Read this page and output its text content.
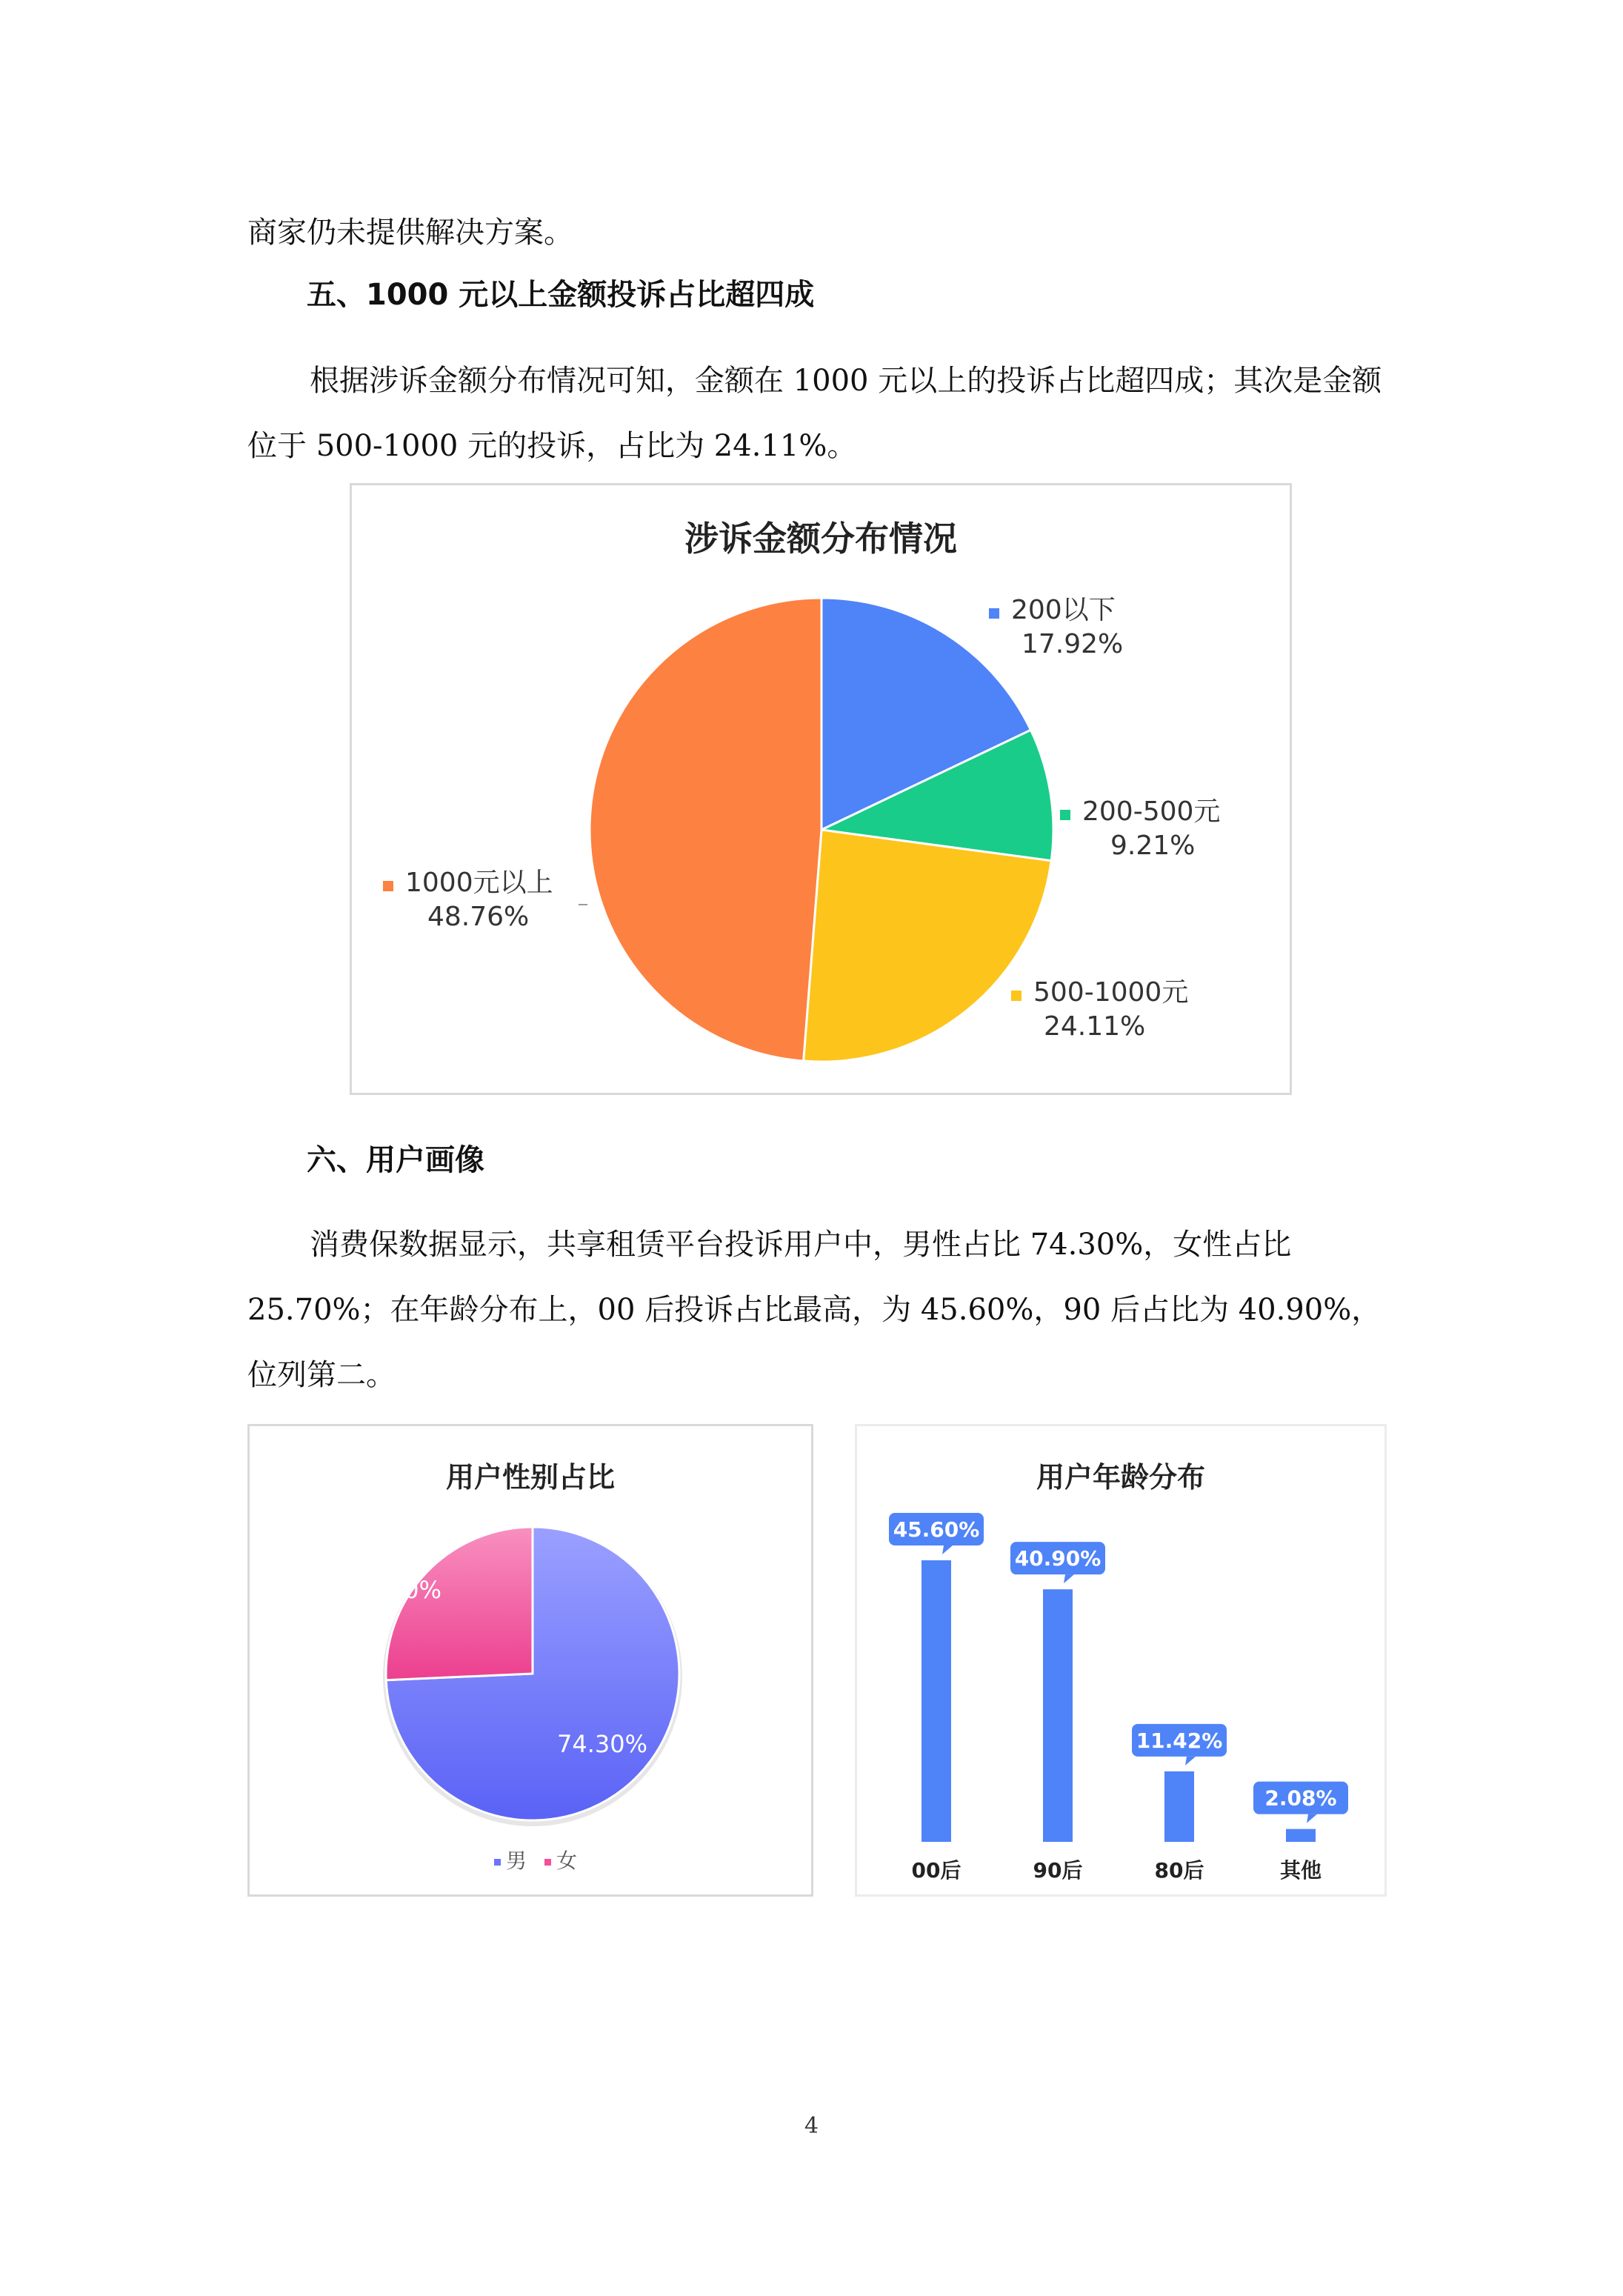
商家仍未提供解决方案。

五、1000 元以上金额投诉占比超四成

根据涉诉金额分布情况可知，金额在 1000 元以上的投诉占比超四成；其次是金额位于 500-1000 元的投诉，占比为 24.11%。

涉诉金额分布情况
200以下
17.92%
200-500元
9.21%
500-1000元
24.11%
1000元以上
48.76%
六、用户画像

消费保数据显示，共享租赁平台投诉用户中，男性占比 74.30%，女性占比 25.70%；在年龄分布上，00 后投诉占比最高，为 45.60%，90 后占比为 40.90%，位列第二。

用户性别占比
74.30%
25.70%
男 女
用户年龄分布
45.60%
00后
40.90%
90后
11.42%
80后
2.08%
其他
4
